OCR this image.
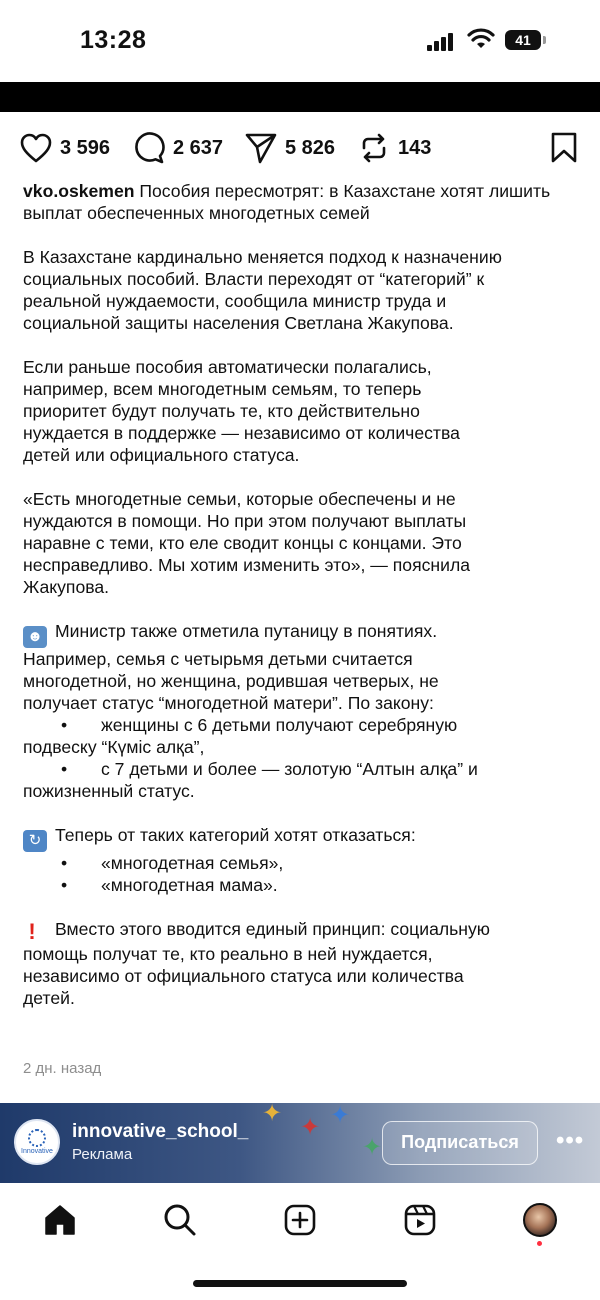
13:28	41
3 596	2 637	5 826	143

vko.oskemen Пособия пересмотрят: в Казахстане хотят лишить выплат обеспеченных многодетных семей

В Казахстане кардинально меняется подход к назначению
социальных пособий. Власти переходят от “категорий” к
реальной нуждаемости, сообщила министр труда и
социальной защиты населения Светлана Жакупова.

Если раньше пособия автоматически полагались,
например, всем многодетным семьям, то теперь
приоритет будут получать те, кто действительно
нуждается в поддержке — независимо от количества
детей или официального статуса.

«Есть многодетные семьи, которые обеспечены и не
нуждаются в помощи. Но при этом получают выплаты
наравне с теми, кто еле сводит концы с концами. Это
несправедливо. Мы хотим изменить это», — пояснила
Жакупова.

☻ Министр также отметила путаницу в понятиях.
Например, семья с четырьмя детьми считается
многодетной, но женщина, родившая четверых, не
получает статус “многодетной матери”. По закону:
• женщины с 6 детьми получают серебряную
подвеску “Күміс алқа”,
• с 7 детьми и более — золотую “Алтын алқа” и
пожизненный статус.

↻ Теперь от таких категорий хотят отказаться:
• «многодетная семья»,
• «многодетная мама».

! Вместо этого вводится единый принцип: социальную
помощь получат те, кто реально в ней нуждается,
независимо от официального статуса или количества
детей.

2 дн. назад
✦
✦ ✦
✦
Innovative
innovative_school_
Реклама
Подписаться	•••
